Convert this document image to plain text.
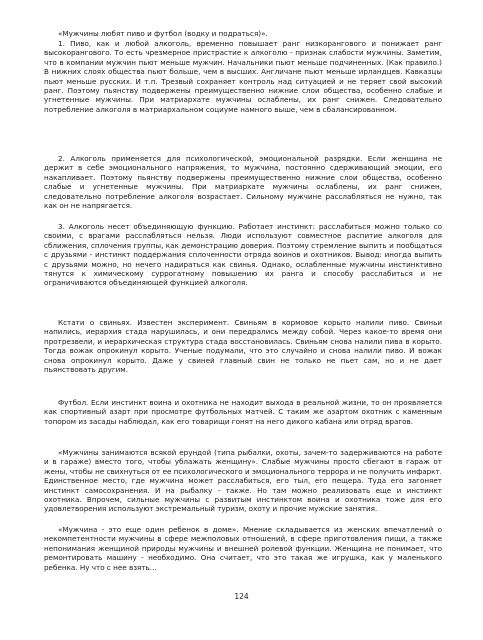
«Мужчины любят пиво и футбол (водку и подраться)».

1. Пиво, как и любой алкоголь, временно повышает ранг низкорангового и понижает ранг высокорангового. То есть чрезмерное пристрастие к алкоголю - признак слабости мужчины. Заметим, что в компании мужчин пьют меньше мужчин. Начальники пьют меньше подчиненных. (Как правило.) В нижних слоях общества пьют больше, чем в высших. Англичане пьют меньше ирландцев. Кавказцы пьют меньше русских. И т.п. Трезвый сохраняет контроль над ситуацией и не теряет свой высокий ранг. Поэтому пьянству подвержены преимущественно нижние слои общества, особенно слабые и угнетенные мужчины. При матриархате мужчины ослаблены, их ранг снижен. Следовательно потребление алкоголя в матриархальном социуме намного выше, чем в сбалансированном.

2. Алкоголь применяется для психологической, эмоциональной разрядки. Если женщина не держит в себе эмоционального напряжения, то мужчина, постоянно сдерживающий эмоции, его накапливает. Поэтому пьянству подвержены преимущественно нижние слои общества, особенно слабые и угнетенные мужчины. При матриархате мужчины ослаблены, их ранг снижен, следовательно потребление алкоголя возрастает. Сильному мужчине расслабляться не нужно, так как он не напрягается.

3. Алкоголь несет объединяющую функцию. Работает инстинкт: расслабиться можно только со своими, с врагами расслабляться нельзя. Люди используют совместное распитие алкоголя для сближения, сплочения группы, как демонстрацию доверия. Поэтому стремление выпить и пообщаться с друзьями - инстинкт поддержания сплоченности отряда воинов и охотников. Вывод: иногда выпить с друзьями можно, но нечего надираться как свинья. Однако, ослабленные мужчины инстинктивно тянутся к химическому суррогатному повышению их ранга и способу расслабиться и не ограничиваются объединяющей функцией алкоголя.

Кстати о свиньях. Известен эксперимент. Свиньям в кормовое корыто налили пиво. Свиньи напились, иерархия стада нарушилась, и они передрались между собой. Через какое-то время они протрезвели, и иерархическая структура стада восстановилась. Свиньям снова налили пива в корыто. Тогда вожак опрокинул корыто. Ученые подумали, что это случайно и снова налили пиво. И вожак снова опрокинул корыто. Даже у свиней главный свин не только не пьет сам, но и не дает пьянствовать другим.

Футбол. Если инстинкт воина и охотника не находит выхода в реальной жизни, то он проявляется как спортивный азарт при просмотре футбольных матчей. С таким же азартом охотник с каменным топором из засады наблюдал, как его товарищи гонят на него дикого кабана или отряд врагов.

«Мужчины занимаются всякой ерундой (типа рыбалки, охоты, зачем-то задерживаются на работе и в гараже) вместо того, чтобы ублажать женщину». Слабые мужчины просто сбегают в гараж от жены, чтобы не свихнуться от ее психологического и эмоционального террора и не получить инфаркт. Единственное место, где мужчина может расслабиться, его тыл, его пещера. Туда его загоняет инстинкт самосохранения. И на рыбалку - также. Но там можно реализовать еще и инстинкт охотника. Впрочем, сильные мужчины с развитым инстинктом воина и охотника тоже для его удовлетворения используют экстремальный туризм, охоту и прочие мужские занятия.

«Мужчина - это еще один ребенок в доме». Мнение складывается из женских впечатлений о некомпетентности мужчины в сфере межполовых отношений, в сфере приготовления пищи, а также непонимания женщиной природы мужчины и внешней ролевой функции. Женщина не понимает, что ремонтировать машину - необходимо. Она считает, что это такая же игрушка, как у маленького ребенка. Ну что с нее взять...

124
